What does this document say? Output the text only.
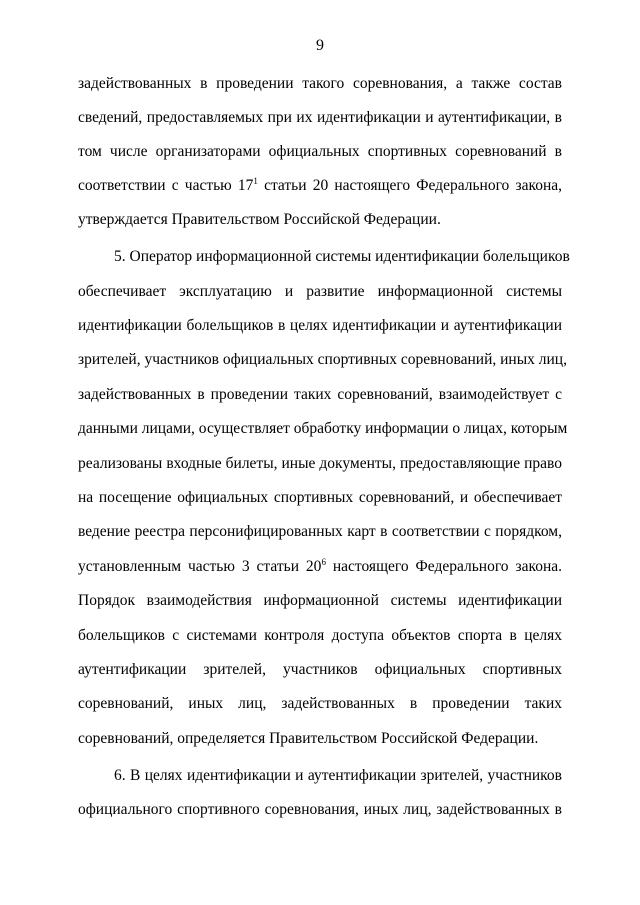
9
задействованных в проведении такого соревнования, а также состав
сведений, предоставляемых при их идентификации и аутентификации, в
том числе организаторами официальных спортивных соревнований в
соответствии с частью $17^1$ статьи 20 настоящего Федерального закона,
утверждается Правительством Российской Федерации.
5. Оператор информационной системы идентификации болельщиков
обеспечивает эксплуатацию и развитие информационной системы
идентификации болельщиков в целях идентификации и аутентификации
зрителей, участников официальных спортивных соревнований, иных лиц,
задействованных в проведении таких соревнований, взаимодействует с
данными лицами, осуществляет обработку информации о лицах, которым
реализованы входные билеты, иные документы, предоставляющие право
на посещение официальных спортивных соревнований, и обеспечивает
ведение реестра персонифицированных карт в соответствии с порядком,
установленным частью 3 статьи $20^6$ настоящего Федерального закона.
Порядок взаимодействия информационной системы идентификации
болельщиков с системами контроля доступа объектов спорта в целях
аутентификации зрителей, участников официальных спортивных
соревнований, иных лиц, задействованных в проведении таких
соревнований, определяется Правительством Российской Федерации.
6. В целях идентификации и аутентификации зрителей, участников
официального спортивного соревнования, иных лиц, задействованных в
